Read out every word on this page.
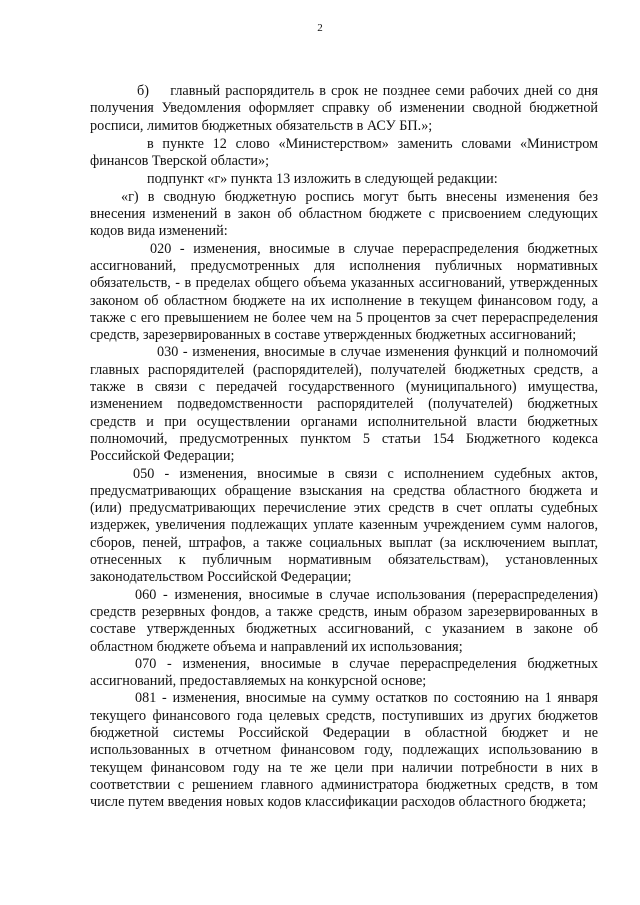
2

б)  главный распорядитель в срок не позднее семи рабочих дней со дня получения Уведомления оформляет справку об изменении сводной бюджетной росписи, лимитов бюджетных обязательств в АСУ БП.»;

в пункте 12 слово «Министерством» заменить словами «Министром финансов Тверской области»;

подпункт «г» пункта 13 изложить в следующей редакции:

«г) в сводную бюджетную роспись могут быть внесены изменения без внесения изменений в закон об областном бюджете с присвоением следующих кодов вида изменений:

020 - изменения, вносимые в случае перераспределения бюджетных ассигнований, предусмотренных для исполнения публичных нормативных обязательств, - в пределах общего объема указанных ассигнований, утвержденных законом об областном бюджете на их исполнение в текущем финансовом году, а также с его превышением не более чем на 5 процентов за счет перераспределения средств, зарезервированных в составе утвержденных бюджетных ассигнований;

030 - изменения, вносимые в случае изменения функций и полномочий главных распорядителей (распорядителей), получателей бюджетных средств, а также в связи с передачей государственного (муниципального) имущества, изменением подведомственности распорядителей (получателей) бюджетных средств и при осуществлении органами исполнительной власти бюджетных полномочий, предусмотренных пунктом 5 статьи 154 Бюджетного кодекса Российской Федерации;

050 - изменения, вносимые в связи с исполнением судебных актов, предусматривающих обращение взыскания на средства областного бюджета и (или) предусматривающих перечисление этих средств в счет оплаты судебных издержек, увеличения подлежащих уплате казенным учреждением сумм налогов, сборов, пеней, штрафов, а также социальных выплат (за исключением выплат, отнесенных к публичным нормативным обязательствам), установленных законодательством Российской Федерации;

060 - изменения, вносимые в случае использования (перераспределения) средств резервных фондов, а также средств, иным образом зарезервированных в составе утвержденных бюджетных ассигнований, с указанием в законе об областном бюджете объема и направлений их использования;

070 - изменения, вносимые в случае перераспределения бюджетных ассигнований, предоставляемых на конкурсной основе;

081 - изменения, вносимые на сумму остатков по состоянию на 1 января текущего финансового года целевых средств, поступивших из других бюджетов бюджетной системы Российской Федерации в областной бюджет и не использованных в отчетном финансовом году, подлежащих использованию в текущем финансовом году на те же цели при наличии потребности в них в соответствии с решением главного администратора бюджетных средств, в том числе путем введения новых кодов классификации расходов областного бюджета;
